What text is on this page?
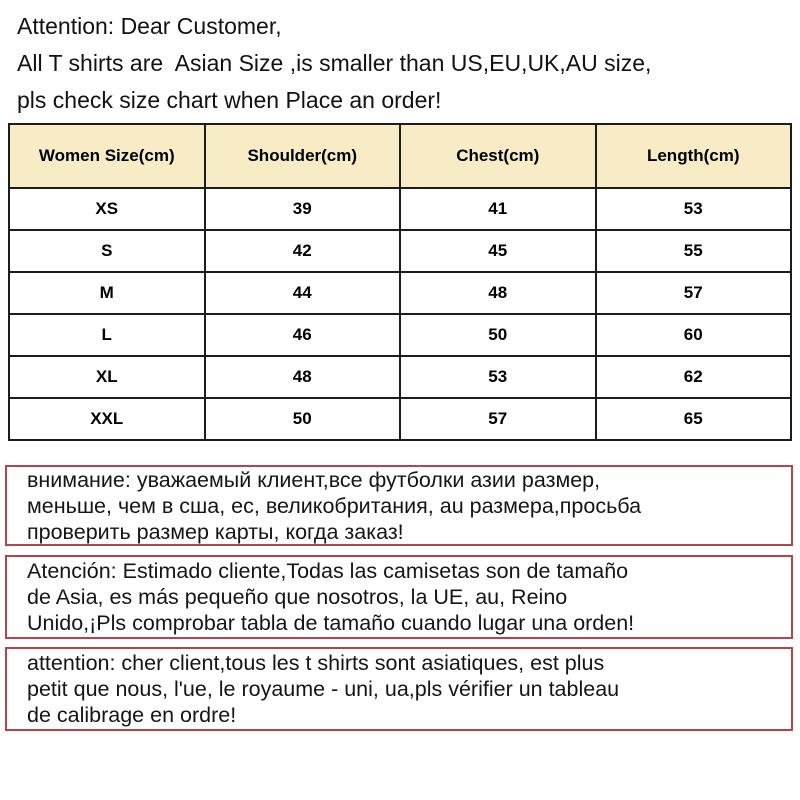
Attention: Dear Customer,
All T shirts are  Asian Size ,is smaller than US,EU,UK,AU size,
pls check size chart when Place an order!
Women Size(cm)	Shoulder(cm)	Chest(cm)	Length(cm)
XS	39	41	53
S	42	45	55
M	44	48	57
L	46	50	60
XL	48	53	62
XXL	50	57	65
внимание: уважаемый клиент,все футболки азии размер,
меньше, чем в сша, ес, великобритания, au размера,просьба
проверить размер карты, когда заказ!
Atención: Estimado cliente,Todas las camisetas son de tamaño
de Asia, es más pequeño que nosotros, la UE, au, Reino
Unido,¡Pls comprobar tabla de tamaño cuando lugar una orden!
attention: cher client,tous les t shirts sont asiatiques, est plus
petit que nous, l'ue, le royaume - uni, ua,pls vérifier un tableau
de calibrage en ordre!
